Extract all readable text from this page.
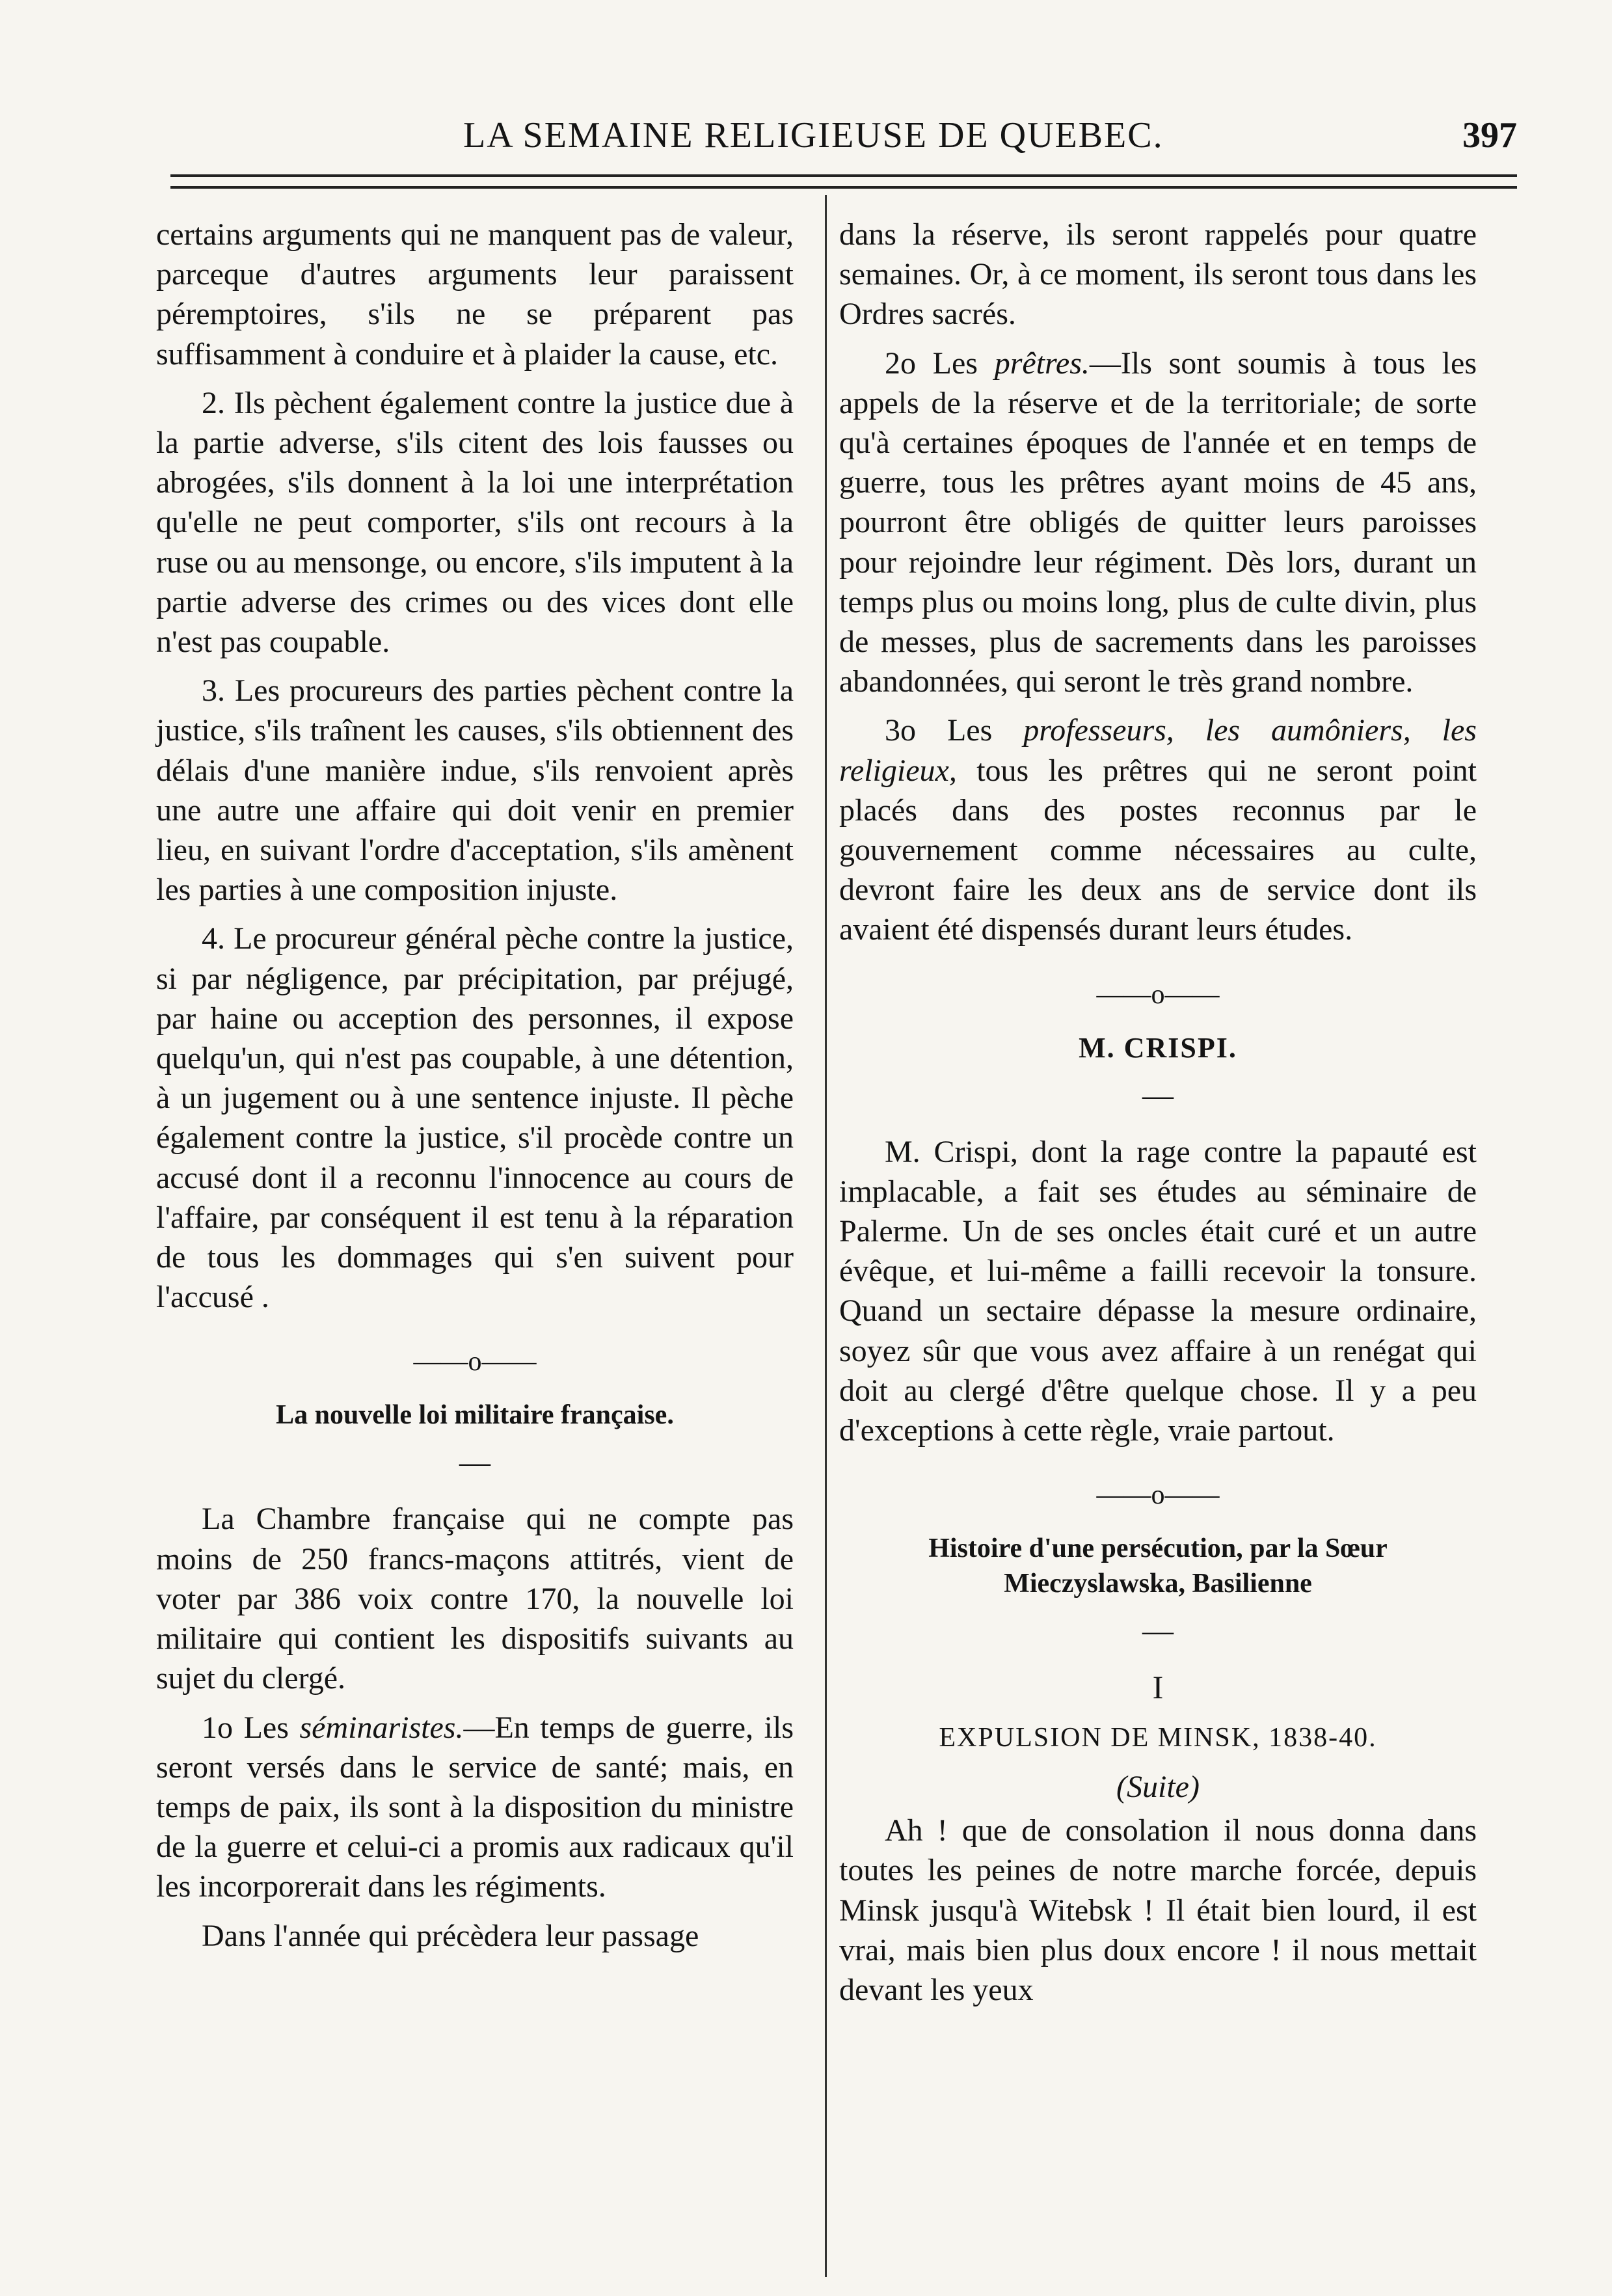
LA SEMAINE RELIGIEUSE DE QUEBEC.	397

certains arguments qui ne manquent pas de valeur, parceque d'autres arguments leur paraissent péremptoires, s'ils ne se préparent pas suffisamment à conduire et à plaider la cause, etc.

2. Ils pèchent également contre la justice due à la partie adverse, s'ils citent des lois fausses ou abrogées, s'ils donnent à la loi une interprétation qu'elle ne peut comporter, s'ils ont recours à la ruse ou au mensonge, ou encore, s'ils imputent à la partie adverse des crimes ou des vices dont elle n'est pas coupable.

3. Les procureurs des parties pèchent contre la justice, s'ils traînent les causes, s'ils obtiennent des délais d'une manière indue, s'ils renvoient après une autre une affaire qui doit venir en premier lieu, en suivant l'ordre d'acceptation, s'ils amènent les parties à une composition injuste.

4. Le procureur général pèche contre la justice, si par négligence, par précipitation, par préjugé, par haine ou acception des personnes, il expose quelqu'un, qui n'est pas coupable, à une détention, à un jugement ou à une sentence injuste. Il pèche également contre la justice, s'il procède contre un accusé dont il a reconnu l'innocence au cours de l'affaire, par conséquent il est tenu à la réparation de tous les dommages qui s'en suivent pour l'accusé .

——o——
La nouvelle loi militaire française.
—

La Chambre française qui ne compte pas moins de 250 francs-maçons attitrés, vient de voter par 386 voix contre 170, la nouvelle loi militaire qui contient les dispositifs suivants au sujet du clergé.

1o Les séminaristes.—En temps de guerre, ils seront versés dans le service de santé; mais, en temps de paix, ils sont à la disposition du ministre de la guerre et celui-ci a promis aux radicaux qu'il les incorporerait dans les régiments.

Dans l'année qui précèdera leur passage

dans la réserve, ils seront rappelés pour quatre semaines. Or, à ce moment, ils seront tous dans les Ordres sacrés.

2o Les prêtres.—Ils sont soumis à tous les appels de la réserve et de la territoriale; de sorte qu'à certaines époques de l'année et en temps de guerre, tous les prêtres ayant moins de 45 ans, pourront être obligés de quitter leurs paroisses pour rejoindre leur régiment. Dès lors, durant un temps plus ou moins long, plus de culte divin, plus de messes, plus de sacrements dans les paroisses abandonnées, qui seront le très grand nombre.

3o Les professeurs, les aumôniers, les religieux, tous les prêtres qui ne seront point placés dans des postes reconnus par le gouvernement comme nécessaires au culte, devront faire les deux ans de service dont ils avaient été dispensés durant leurs études.

——o——
M. CRISPI.
—

M. Crispi, dont la rage contre la papauté est implacable, a fait ses études au séminaire de Palerme. Un de ses oncles était curé et un autre évêque, et lui-même a failli recevoir la tonsure. Quand un sectaire dépasse la mesure ordinaire, soyez sûr que vous avez affaire à un renégat qui doit au clergé d'être quelque chose. Il y a peu d'exceptions à cette règle, vraie partout.

——o——
Histoire d'une persécution, par la Sœur
Mieczyslawska, Basilienne
—
I
EXPULSION DE MINSK, 1838-40.
(Suite)

Ah ! que de consolation il nous donna dans toutes les peines de notre marche forcée, depuis Minsk jusqu'à Witebsk ! Il était bien lourd, il est vrai, mais bien plus doux encore ! il nous mettait devant les yeux
